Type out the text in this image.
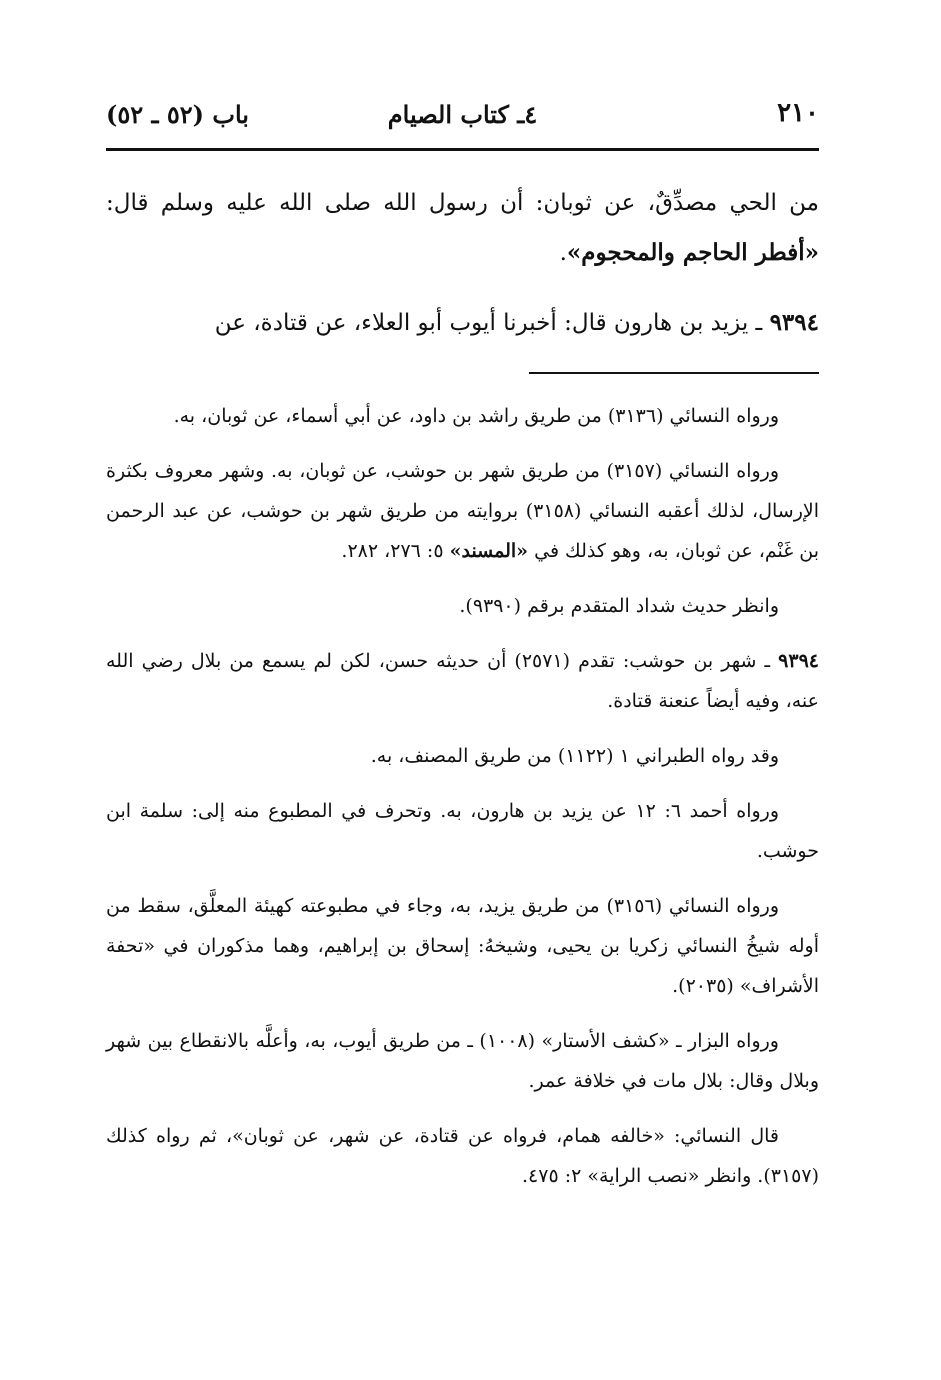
٢١٠
٤ـ كتاب الصيام
باب (٥٢ ـ ٥٢)

من الحي مصدِّقٌ، عن ثوبان: أن رسول الله صلى الله عليه وسلم قال: «أفطر الحاجم والمحجوم».

٩٣٩٤ ـ يزيد بن هارون قال: أخبرنا أيوب أبو العلاء، عن قتادة، عن

ورواه النسائي (٣١٣٦) من طريق راشد بن داود، عن أبي أسماء، عن ثوبان، به.

ورواه النسائي (٣١٥٧) من طريق شهر بن حوشب، عن ثوبان، به. وشهر معروف بكثرة الإرسال، لذلك أعقبه النسائي (٣١٥٨) بروايته من طريق شهر بن حوشب، عن عبد الرحمن بن غَنْم، عن ثوبان، به، وهو كذلك في «المسند» ٥: ٢٧٦، ٢٨٢.

وانظر حديث شداد المتقدم برقم (٩٣٩٠).

٩٣٩٤ ـ شهر بن حوشب: تقدم (٢٥٧١) أن حديثه حسن، لكن لم يسمع من بلال رضي الله عنه، وفيه أيضاً عنعنة قتادة.

وقد رواه الطبراني ١ (١١٢٢) من طريق المصنف، به.

ورواه أحمد ٦: ١٢ عن يزيد بن هارون، به. وتحرف في المطبوع منه إلى: سلمة ابن حوشب.

ورواه النسائي (٣١٥٦) من طريق يزيد، به، وجاء في مطبوعته كهيئة المعلَّق، سقط من أوله شيخُ النسائي زكريا بن يحيى، وشيخهُ: إسحاق بن إبراهيم، وهما مذكوران في «تحفة الأشراف» (٢٠٣٥).

ورواه البزار ـ «كشف الأستار» (١٠٠٨) ـ من طريق أيوب، به، وأعلَّه بالانقطاع بين شهر وبلال وقال: بلال مات في خلافة عمر.

قال النسائي: «خالفه همام، فرواه عن قتادة، عن شهر، عن ثوبان»، ثم رواه كذلك (٣١٥٧). وانظر «نصب الراية» ٢: ٤٧٥.
